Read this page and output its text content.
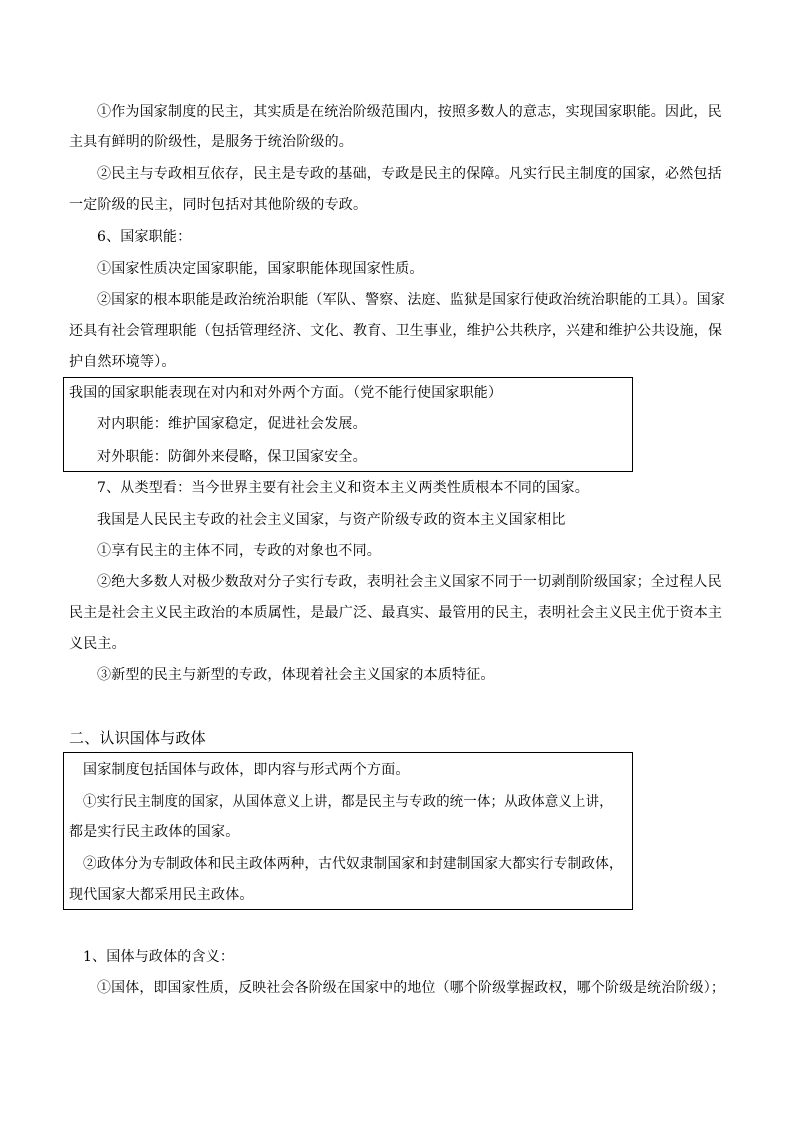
①作为国家制度的民主，其实质是在统治阶级范围内，按照多数人的意志，实现国家职能。因此，民
主具有鲜明的阶级性，是服务于统治阶级的。
②民主与专政相互依存，民主是专政的基础，专政是民主的保障。凡实行民主制度的国家，必然包括
一定阶级的民主，同时包括对其他阶级的专政。
6、国家职能：
①国家性质决定国家职能，国家职能体现国家性质。
②国家的根本职能是政治统治职能（军队、警察、法庭、监狱是国家行使政治统治职能的工具）。国家
还具有社会管理职能（包括管理经济、文化、教育、卫生事业，维护公共秩序，兴建和维护公共设施，保
护自然环境等）。
我国的国家职能表现在对内和对外两个方面。（党不能行使国家职能）
对内职能：维护国家稳定，促进社会发展。
对外职能：防御外来侵略，保卫国家安全。
7、从类型看：当今世界主要有社会主义和资本主义两类性质根本不同的国家。
我国是人民民主专政的社会主义国家，与资产阶级专政的资本主义国家相比
①享有民主的主体不同，专政的对象也不同。
②绝大多数人对极少数敌对分子实行专政，表明社会主义国家不同于一切剥削阶级国家；全过程人民
民主是社会主义民主政治的本质属性，是最广泛、最真实、最管用的民主，表明社会主义民主优于资本主
义民主。
③新型的民主与新型的专政，体现着社会主义国家的本质特征。
二、认识国体与政体
国家制度包括国体与政体，即内容与形式两个方面。
①实行民主制度的国家，从国体意义上讲，都是民主与专政的统一体；从政体意义上讲，
都是实行民主政体的国家。
②政体分为专制政体和民主政体两种，古代奴隶制国家和封建制国家大都实行专制政体，
现代国家大都采用民主政体。
1、国体与政体的含义：
①国体，即国家性质，反映社会各阶级在国家中的地位（哪个阶级掌握政权，哪个阶级是统治阶级）；
